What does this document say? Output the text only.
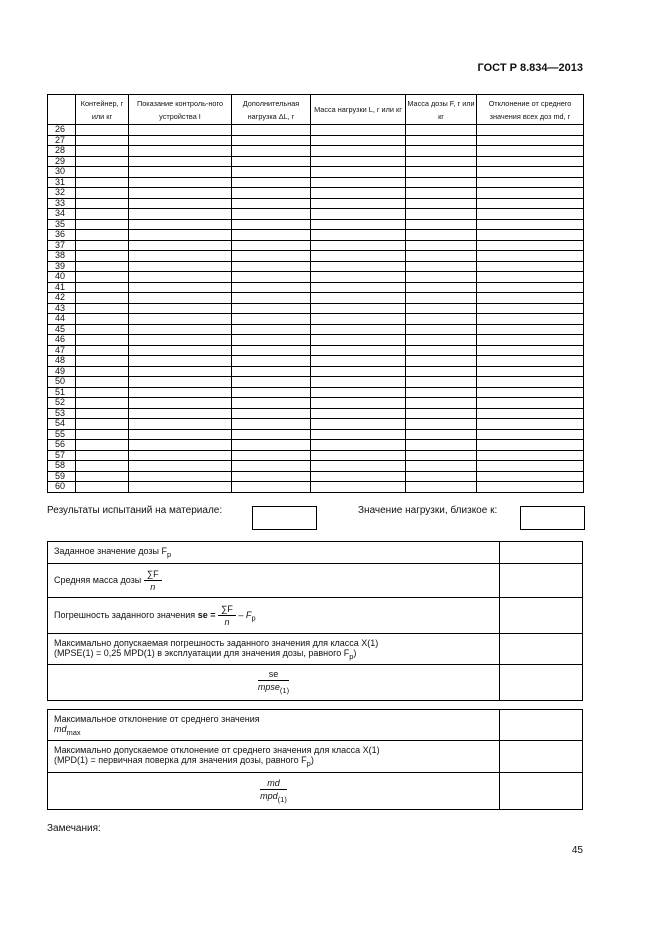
ГОСТ Р 8.834—2013
	Контейнер, г или кг	Показание контроль-ного устройства I	Дополнительная нагрузка ΔL, г	Масса нагрузки L, г или кг	Масса дозы F, г или кг	Отклонение от среднего значения всех доз md, г
26						
27						
28						
29						
30						
31						
32						
33						
34						
35						
36						
37						
38						
39						
40						
41						
42						
43						
44						
45						
46						
47						
48						
49						
50						
51						
52						
53						
54						
55						
56						
57						
58						
59						
60						
Результаты испытаний на материале:	Значение нагрузки, близкое к:
Заданное значение дозы $F_p$	
Средняя масса дозы $\frac{\sum F}{n}$

Погрешность заданного значения se = $\frac{\sum F}{n} - F_p$	
Максимально допускаемая погрешность заданного значения для класса X(1)
(MPSE(1) = 0,25 MPD(1) в эксплуатации для значения дозы, равного $F_p$)	

$\frac{se}{mpse_{(1)}}$

Максимальное отклонение от среднего значения
$md_{max}$	
Максимально допускаемое отклонение от среднего значения для класса X(1)
(MPD(1) = первичная поверка для значения дозы, равного $F_p$)	

$\frac{md}{mpd_{(1)}}$

Замечания:
45
